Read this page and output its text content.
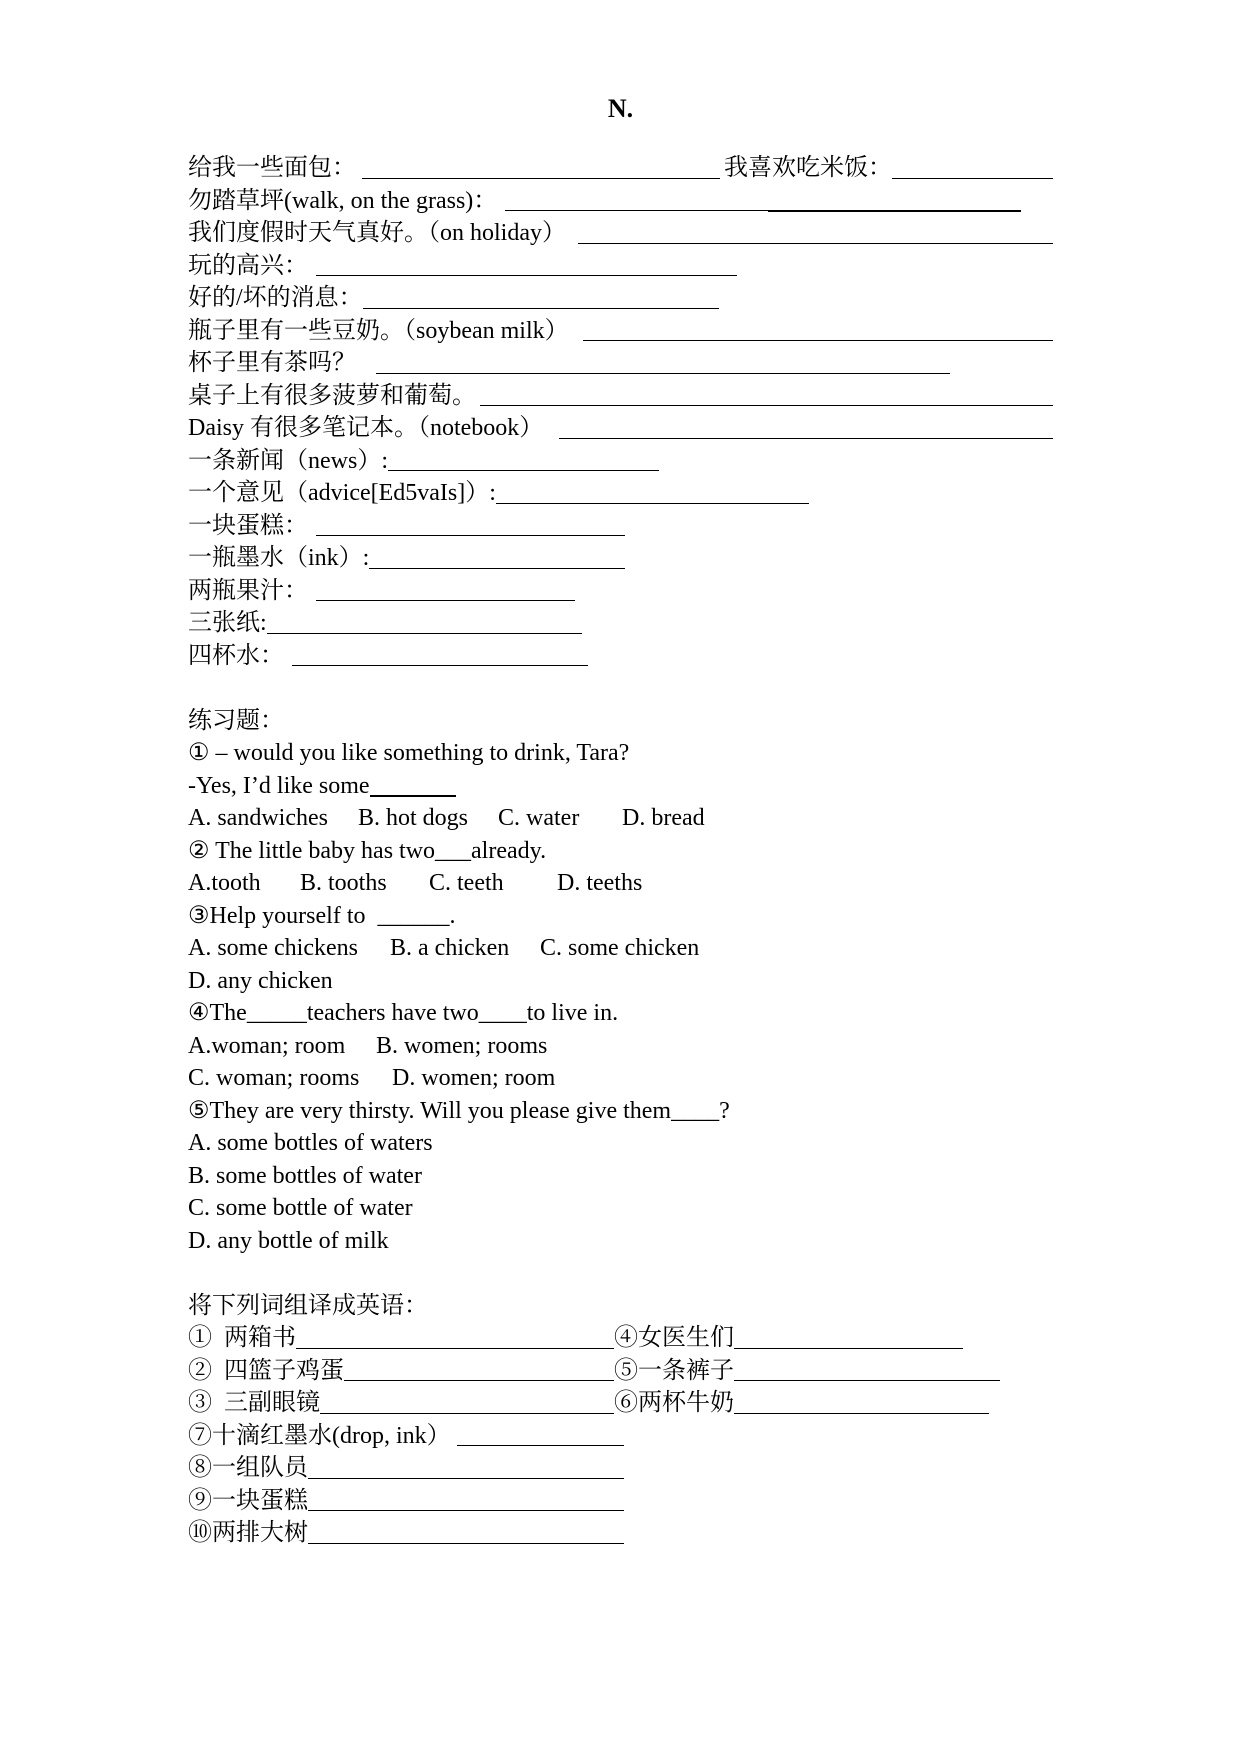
N.
给我一些面包：	我喜欢吃米饭：
勿踏草坪(walk, on the grass)：
我们度假时天气真好。（on holiday）
玩的高兴：
好的/坏的消息：
瓶子里有一些豆奶。（soybean milk）
杯子里有茶吗？
桌子上有很多菠萝和葡萄。
Daisy 有很多笔记本。（notebook）
一条新闻（news）:
一个意见（advice[Ed5vaIs]）:
一块蛋糕：
一瓶墨水（ink）:
两瓶果汁：
三张纸:
四杯水：
练习题：
① – would you like something to drink, Tara?
-Yes, I’d like some
A. sandwiches B. hot dogs C. water D. bread
② The little baby has two___already.
A.tooth B. tooths C. teeth D. teeths
③Help yourself to  ______.
A. some chickens B. a chicken C. some chicken
D. any chicken
④The_____teachers have two____to live in.
A.woman; room B. women; rooms
C. woman; rooms D. women; room
⑤They are very thirsty. Will you please give them____?
A. some bottles of waters
B. some bottles of water
C. some bottle of water
D. any bottle of milk
将下列词组译成英语：
①  两箱书	④女医生们
②  四篮子鸡蛋	⑤一条裤子
③  三副眼镜	⑥两杯牛奶
⑦十滴红墨水(drop, ink）
⑧一组队员
⑨一块蛋糕
⑩两排大树
